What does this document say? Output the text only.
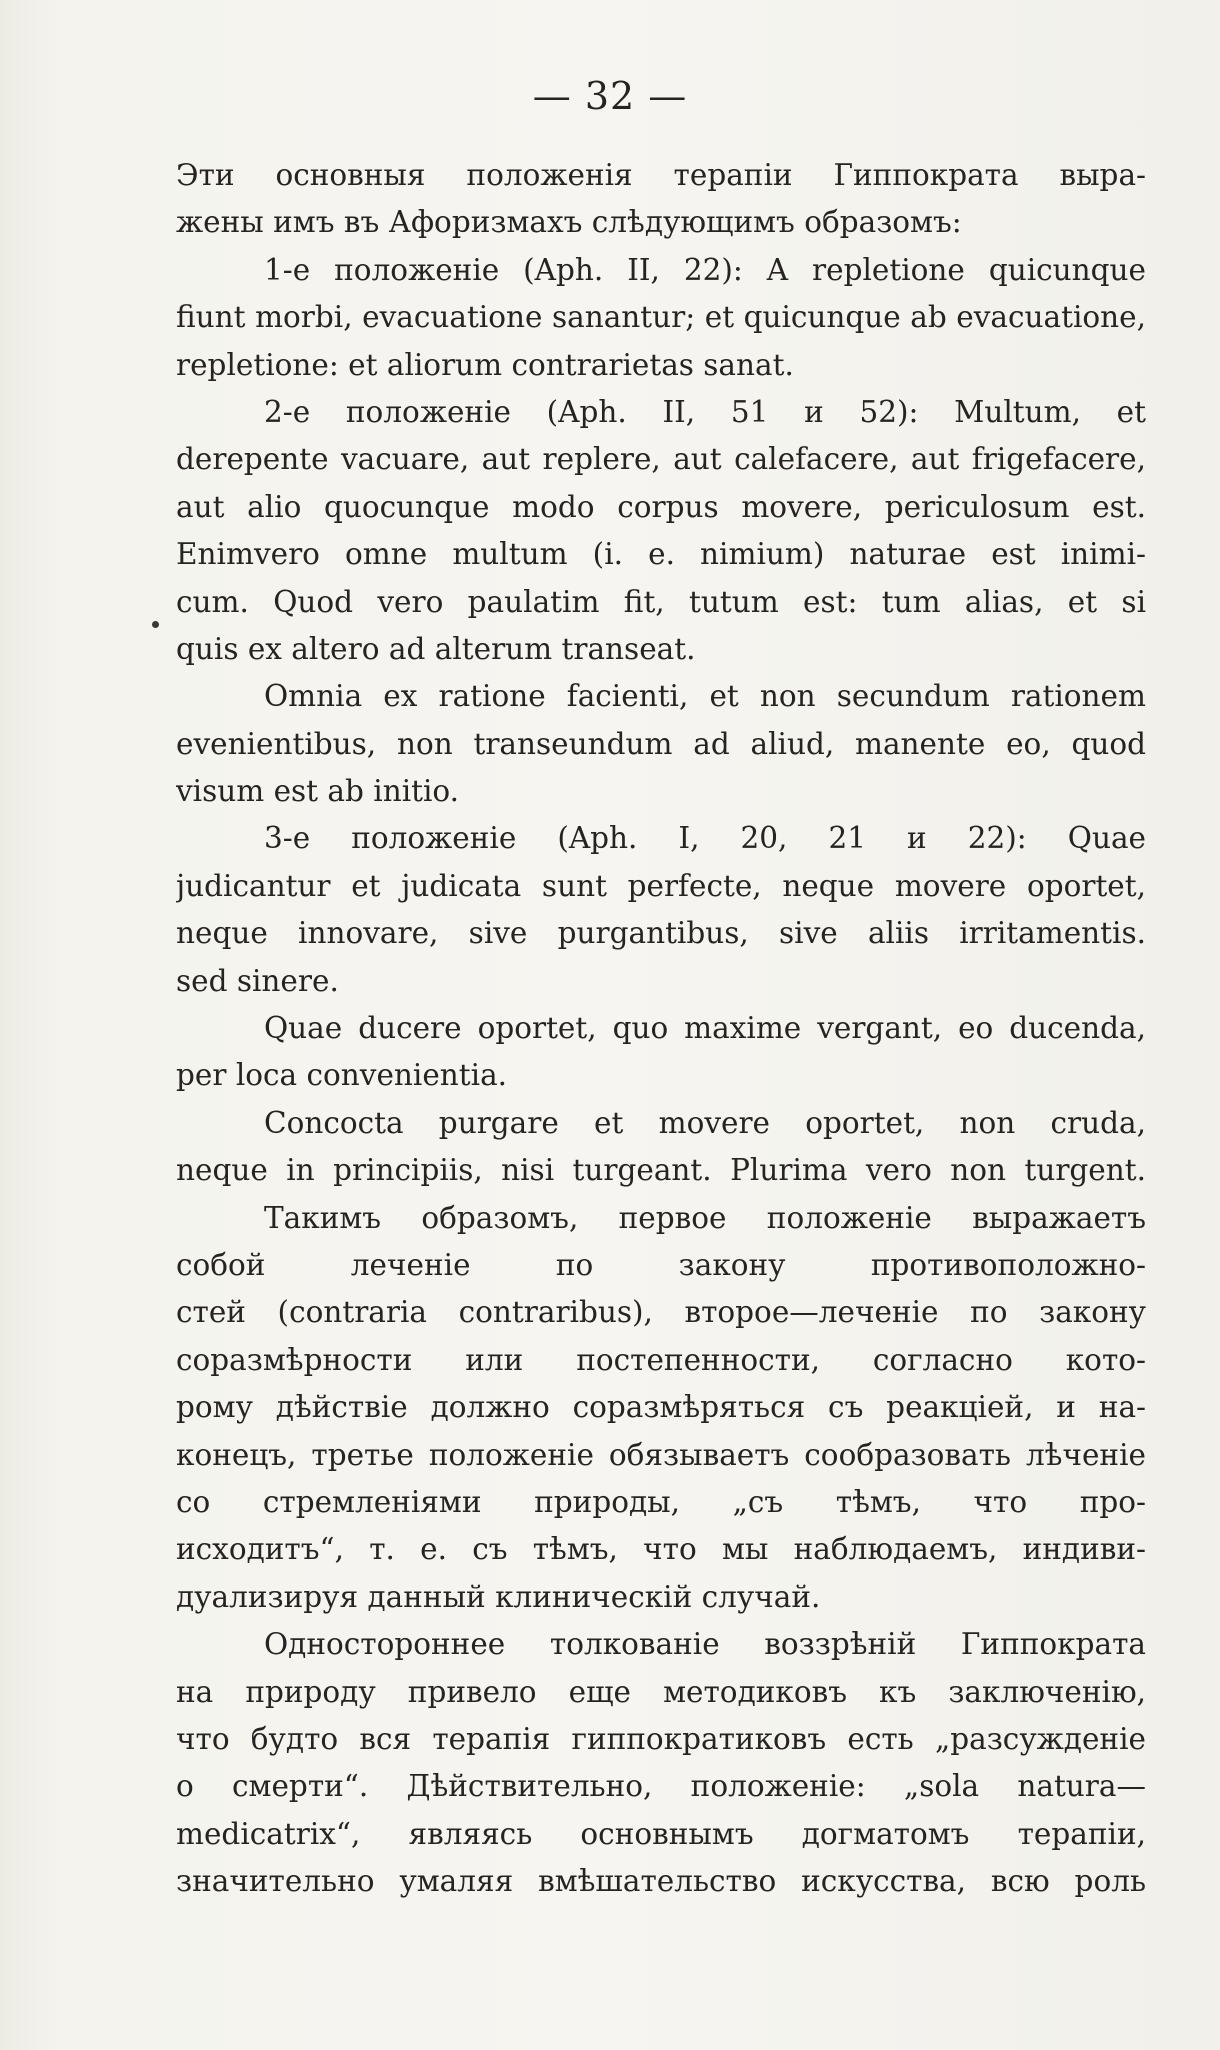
— 32 —
Эти основныя положенія терапіи Гиппократа выра-
жены имъ въ Афоризмахъ слѣдующимъ образомъ:
1-е положеніе (Aph. II, 22): A repletione quicunque
fiunt morbi, evacuatione sanantur; et quicunque ab evacuatione,
repletione: et aliorum contrarietas sanat.
2-е положеніе (Aph. II, 51 и 52): Multum, et
derepente vacuare, aut replere, aut calefacere, aut frigefacere,
aut alio quocunque modo corpus movere, periculosum est.
Enimvero omne multum (i. e. nimium) naturae est inimi-
cum. Quod vero paulatim fit, tutum est: tum alias, et si
quis ex altero ad alterum transeat.
Omnia ex ratione facienti, et non secundum rationem
evenientibus, non transeundum ad aliud, manente eo, quod
visum est ab initio.
3-е положеніе (Aph. I, 20, 21 и 22): Quae
judicantur et judicata sunt perfecte, neque movere oportet,
neque innovare, sive purgantibus, sive aliis irritamentis.
sed sinere.
Quae ducere oportet, quo maxime vergant, eo ducenda,
per loca convenientia.
Concocta purgare et movere oportet, non cruda,
neque in principiis, nisi turgeant. Plurima vero non turgent.
Такимъ образомъ, первое положеніе выражаетъ
собой леченіе по закону противоположно-
стей (contraria contraribus), второе—леченіе по закону
соразмѣрности или постепенности, согласно кото-
рому дѣйствіе должно соразмѣряться съ реакціей, и на-
конецъ, третье положеніе обязываетъ сообразовать лѣченіе
со стремленіями природы, „съ тѣмъ, что про-
исходитъ“, т. е. съ тѣмъ, что мы наблюдаемъ, индиви-
дуализируя данный клиническій случай.
Одностороннее толкованіе воззрѣній Гиппократа
на природу привело еще методиковъ къ заключенію,
что будто вся терапія гиппократиковъ есть „разсужденіе
о смерти“. Дѣйствительно, положеніе: „sola natura—
medicatrix“, являясь основнымъ догматомъ терапіи,
значительно умаляя вмѣшательство искусства, всю роль
